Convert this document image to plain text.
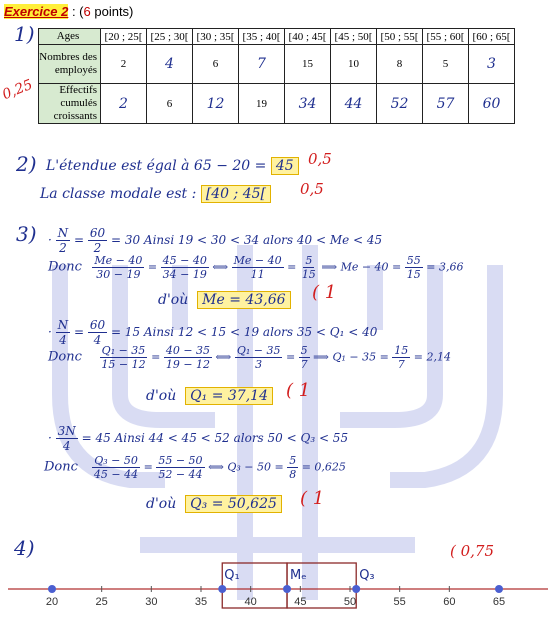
Exercice 2 : (6 points)
1)
0,25
Ages	[20 ; 25[	[25 ; 30[	[30 ; 35[	[35 ; 40[	[40 ; 45[	[45 ; 50[	[50 ; 55[	[55 ; 60[	[60 ; 65[
Nombres des employés	2	4	6	7	15	10	8	5	3
Effectifs cumulés croissants	2	6	12	19	34	44	52	57	60
2) L'étendue est égal à 65 − 20 = 45 0,5
La classe modale est : [40 ; 45[	0,5
$3) \cdot \frac{N}{2} = \frac{60}{2} = 30$ Ainsi 19 < 30 < 34 alors 40 < Me < 45
Donc $\frac{Me - 40}{30 - 19} = \frac{45 - 40}{34 - 19}$ ⟺ $\frac{Me - 40}{11} = \frac{5}{15}$ ⟹ $Me - 40 = \frac{55}{15} = 3,66$
d'où Me = 43,66 ( 1
· $\frac{N}{4} = \frac{60}{4} = 15$ Ainsi 12 < 15 < 19 alors 35 < Q₁ < 40
Donc $\frac{\text{Q₁ − 35}}{15 - 12} = \frac{40 - 35}{19 - 12}$ ⟺ $\frac{\text{Q₁ − 35}}{3} = \frac{5}{7}$ ⟹ $Q_1 - 35 = \frac{15}{7} = 2,14$
d'où Q₁ = 37,14 ( 1
· $\frac{3N}{4} = 45$ Ainsi 44 < 45 < 52 alors 50 < Q₃ < 55
Donc $\frac{\text{Q₃ − 50}}{45 - 44} = \frac{55 - 50}{52 - 44}$ ⟺ $Q_3 - 50 = \frac{5}{8} = 0,625$
d'où Q₃ = 50,625 ( 1
4)	( 0,75
20	25	30	35	40	45	50	55	60	65
Q₁	Mₑ	Q₃
